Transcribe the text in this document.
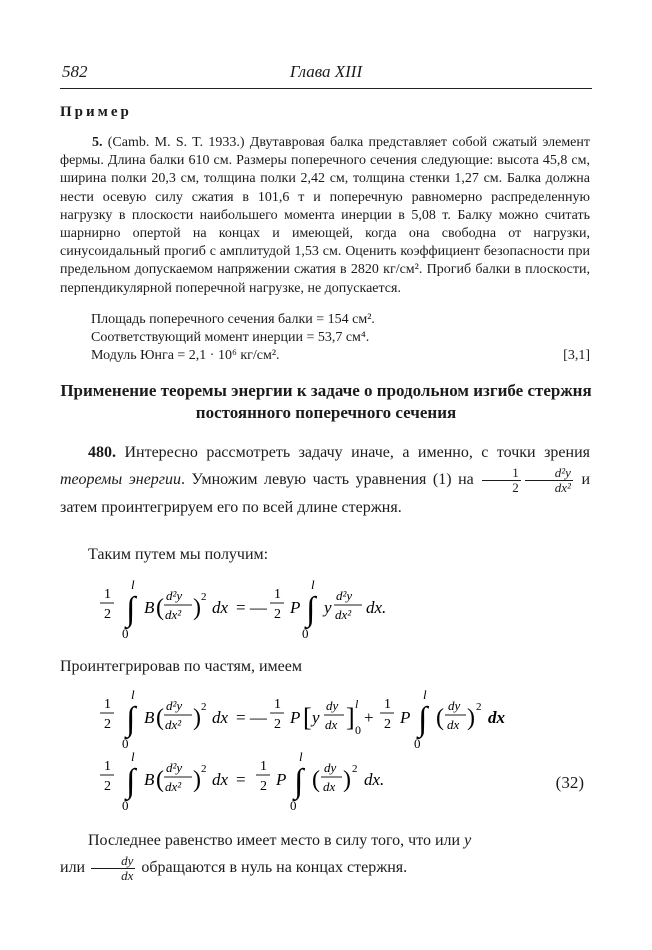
582	Глава XIII
Пример

5. (Camb. M. S. T. 1933.) Двутавровая балка представляет собой сжатый элемент фермы. Длина балки 610 см. Размеры поперечного сечения следующие: высота 45,8 см, ширина полки 20,3 см, толщина полки 2,42 см, толщина стенки 1,27 см. Балка должна нести осевую силу сжатия в 101,6 т и поперечную равномерно распределенную нагрузку в плоскости наибольшего момента инерции в 5,08 т. Балку можно считать шарнирно опертой на концах и имеющей, когда она свободна от нагрузки, синусоидальный прогиб с амплитудой 1,53 см. Оценить коэффициент безопасности при предельном допускаемом напряжении сжатия в 2820 кг/см². Прогиб балки в плоскости, перпендикулярной поперечной нагрузке, не допускается.

Площадь поперечного сечения балки = 154 см².
Соответствующий момент инерции = 53,7 см⁴.
Модуль Юнга = 2,1 · 10⁶ кг/см².	[3,1]
Применение теоремы энергии к задаче о продольном изгибе стержня постоянного поперечного сечения

480. Интересно рассмотреть задачу иначе, а именно, с точки зрения теоремы энергии. Умножим левую часть уравнения (1) на $\frac{1}{2} \frac{\text{d²y}}{\text{dx²}}$ и затем проинтегрируем его по всей длине стержня.

Таким путем мы получим:

1
2 ∫
l
0
B ( d²y
dx² ) 2
dx = —
1
2 P ∫
l
0
y
d²y
dx² dx.

Проинтегрировав по частям, имеем

1
2 ∫
l
0
B ( d²y
dx² ) 2
dx = —
1
2 P [ y
dy
dx ] l
0
+
1
2 P ∫
l
0
( dy
dx ) 2
dx
1
2 ∫
l
0
B ( d²y
dx² ) 2
dx =
1
2 P ∫
l
0
( dy
dx ) 2
dx.	(32)

Последнее равенство имеет место в силу того, что или y
или $\frac{dy}{dx}$ обращаются в нуль на концах стержня.
